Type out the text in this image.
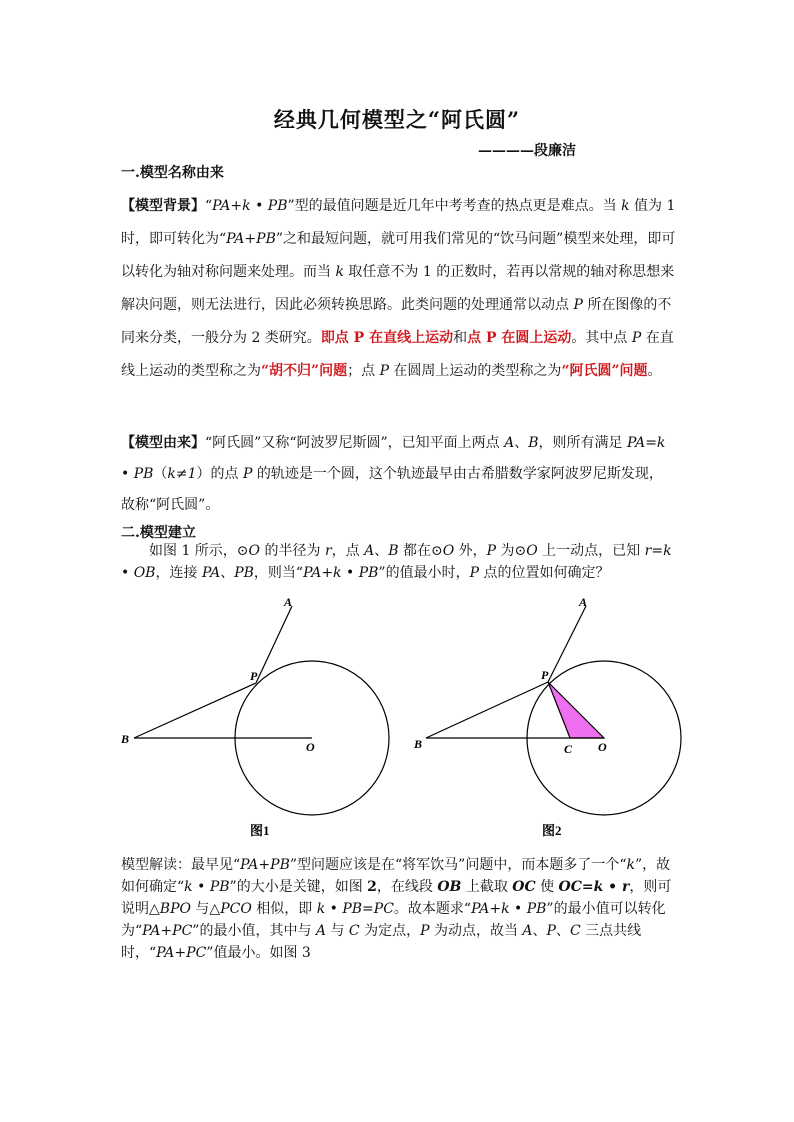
经典几何模型之“阿氏圆”
————段廉洁
一.模型名称由来
【模型背景】“PA+k • PB”型的最值问题是近几年中考考查的热点更是难点。当 k 值为 1 时，即可转化为“PA+PB”之和最短问题，就可用我们常见的“饮马问题”模型来处理，即可以转化为轴对称问题来处理。而当 k 取任意不为 1 的正数时，若再以常规的轴对称思想来解决问题，则无法进行，因此必须转换思路。此类问题的处理通常以动点 P 所在图像的不同来分类，一般分为 2 类研究。即点 P 在直线上运动和点 P 在圆上运动。其中点 P 在直线上运动的类型称之为“胡不归”问题；点 P 在圆周上运动的类型称之为“阿氏圆”问题。
【模型由来】“阿氏圆”又称“阿波罗尼斯圆”，已知平面上两点 A、B，则所有满足 PA=k • PB（k≠1）的点 P 的轨迹是一个圆，这个轨迹最早由古希腊数学家阿波罗尼斯发现，故称“阿氏圆”。
二.模型建立
如图 1 所示，⊙O 的半径为 r，点 A、B 都在⊙O 外，P 为⊙O 上一动点，已知 r=k • OB，连接 PA、PB，则当“PA+k • PB”的值最小时，P 点的位置如何确定？
A
P
B
O
图1
A
P
B	C O
图2
模型解读：最早见“PA+PB”型问题应该是在“将军饮马”问题中，而本题多了一个“k”，故如何确定“k • PB”的大小是关键，如图 2，在线段 OB 上截取 OC 使 OC=k • r，则可说明△BPO 与△PCO 相似，即 k • PB=PC。故本题求“PA+k • PB”的最小值可以转化为“PA+PC”的最小值，其中与 A 与 C 为定点，P 为动点，故当 A、P、C 三点共线时，“PA+PC”值最小。如图 3
